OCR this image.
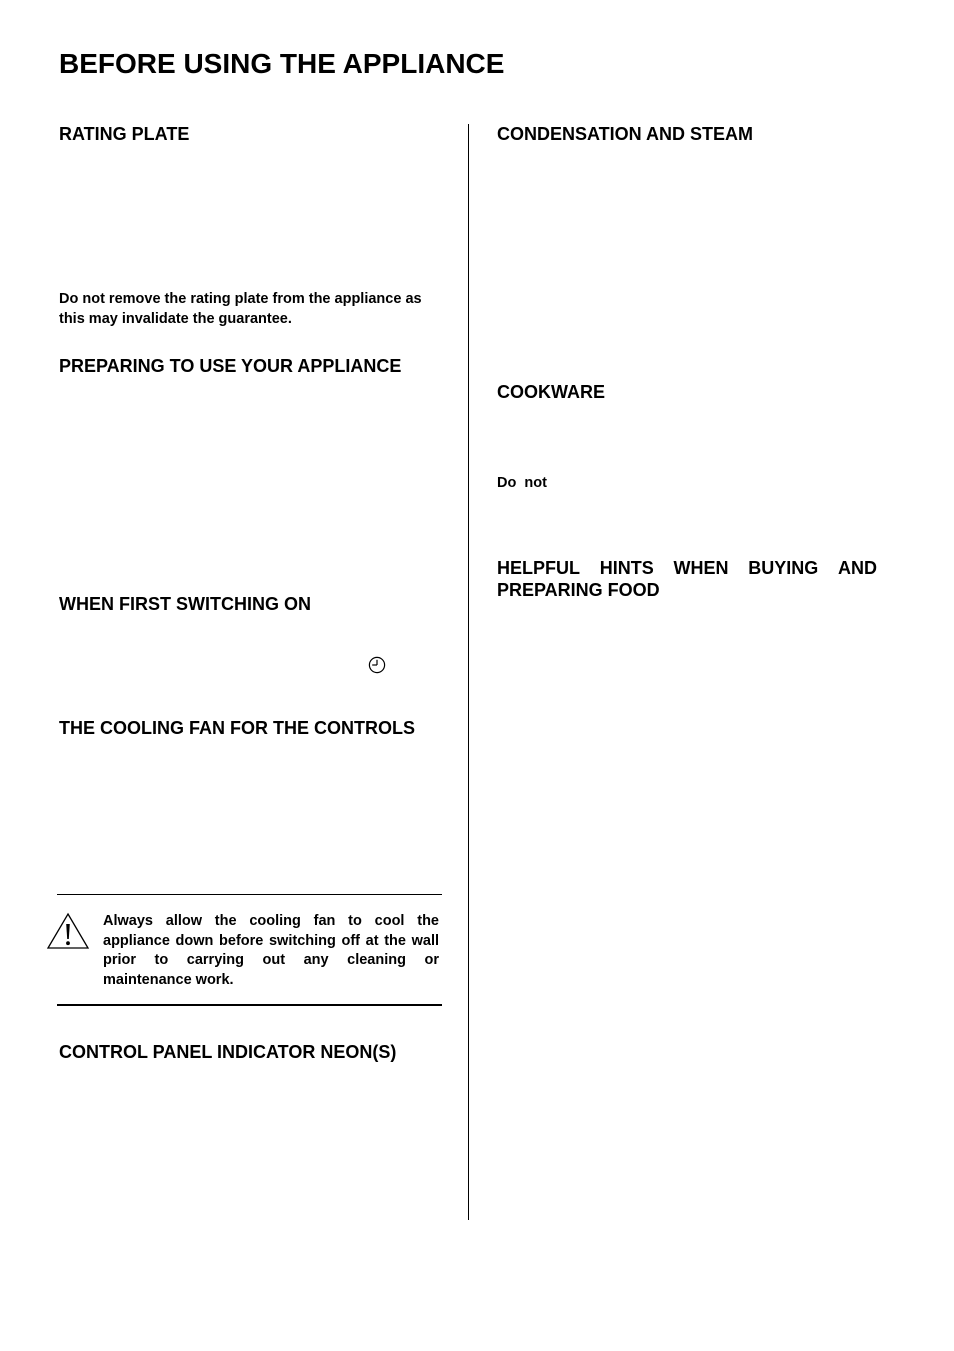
BEFORE USING THE APPLIANCE
RATING PLATE

Do not remove the rating plate from the appliance as this may invalidate the guarantee.

PREPARING TO USE YOUR APPLIANCE
WHEN FIRST SWITCHING ON
THE COOLING FAN FOR THE CONTROLS

Always allow the cooling fan to cool the appliance down before switching off at the wall prior to carrying out any cleaning or maintenance work.

CONTROL PANEL INDICATOR NEON(S)
CONDENSATION AND STEAM
COOKWARE

Do  not

HELPFUL HINTS WHEN BUYING AND
PREPARING FOOD
